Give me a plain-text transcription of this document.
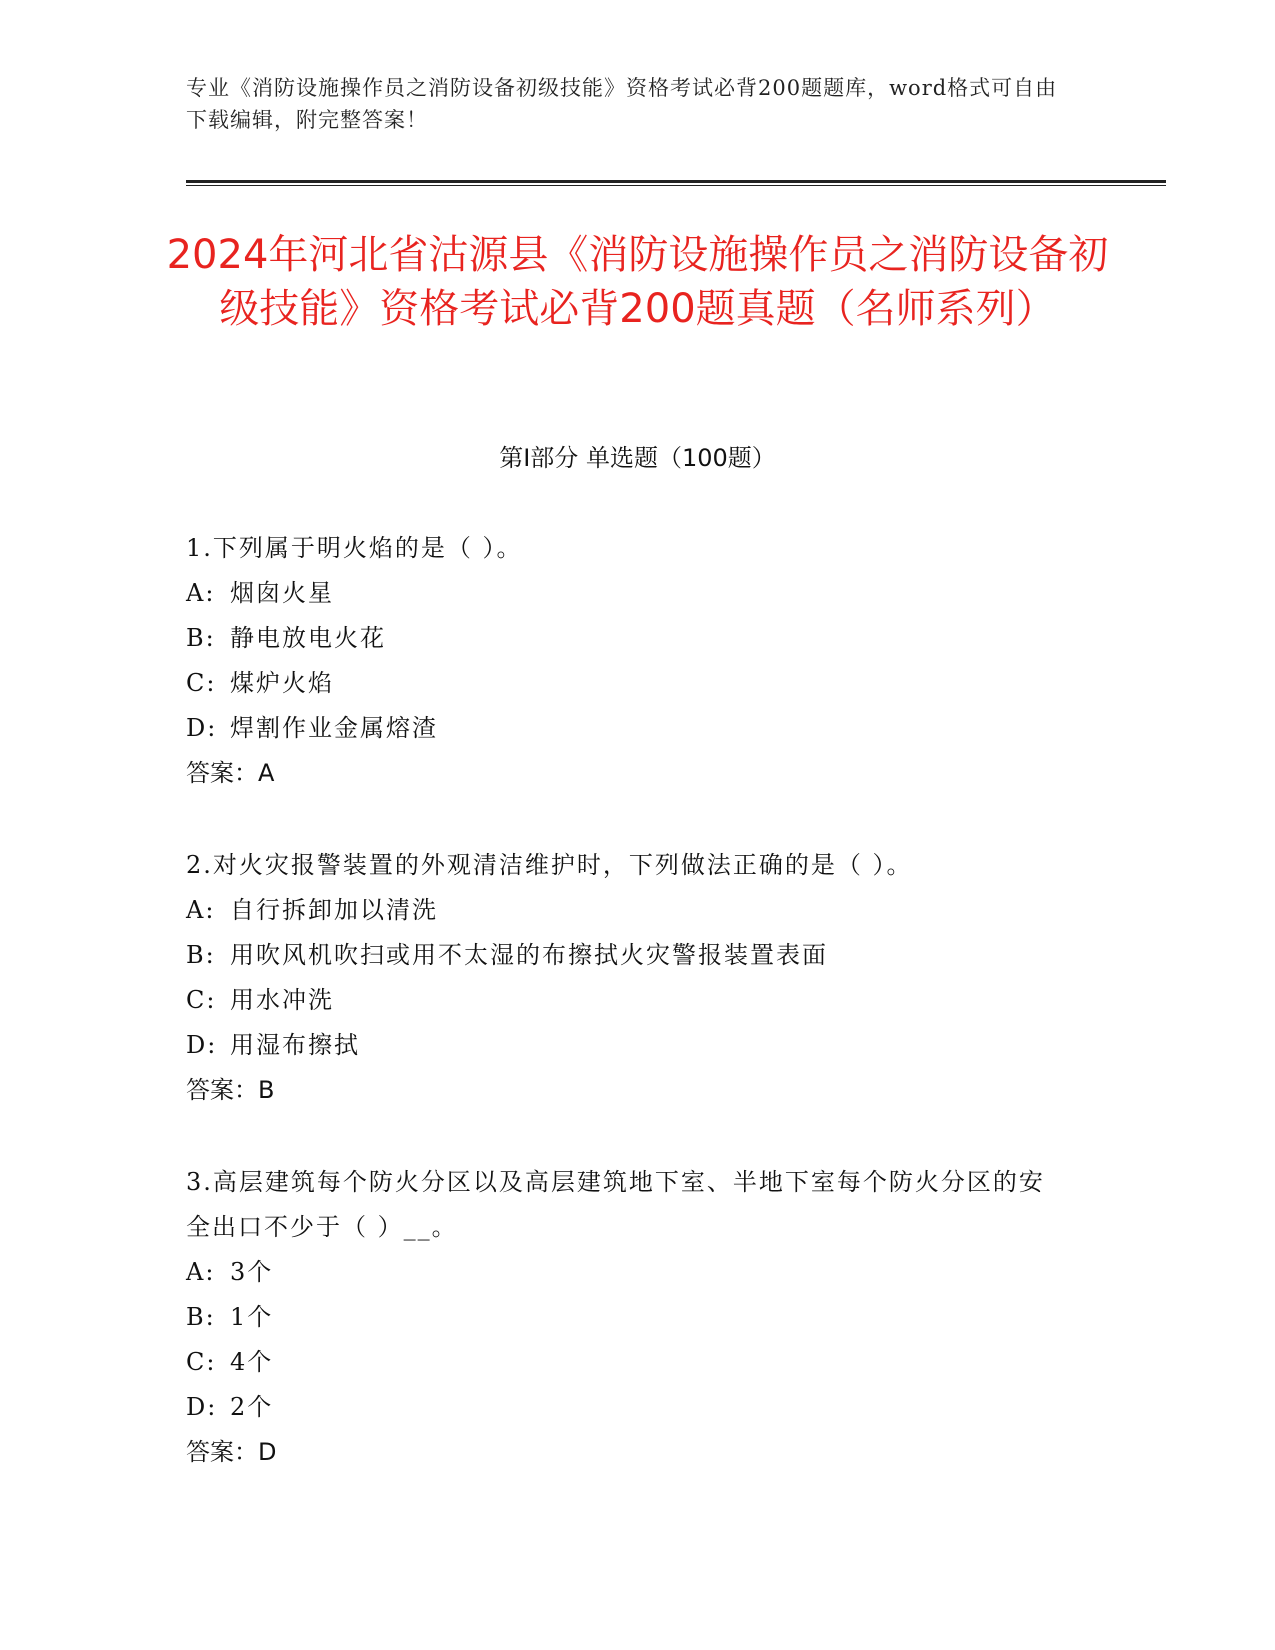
专业《消防设施操作员之消防设备初级技能》资格考试必背200题题库，word格式可自由下载编辑，附完整答案！
2024年河北省沽源县《消防设施操作员之消防设备初级技能》资格考试必背200题真题（名师系列）
第Ⅰ部分 单选题（100题）
1.下列属于明火焰的是（ ）。
A: 烟囱火星
B: 静电放电火花
C: 煤炉火焰
D: 焊割作业金属熔渣
答案：A
2.对火灾报警装置的外观清洁维护时，下列做法正确的是（ ）。
A: 自行拆卸加以清洗
B: 用吹风机吹扫或用不太湿的布擦拭火灾警报装置表面
C: 用水冲洗
D: 用湿布擦拭
答案：B
3.高层建筑每个防火分区以及高层建筑地下室、半地下室每个防火分区的安全出口不少于（ ）__。
A: 3个
B: 1个
C: 4个
D: 2个
答案：D
